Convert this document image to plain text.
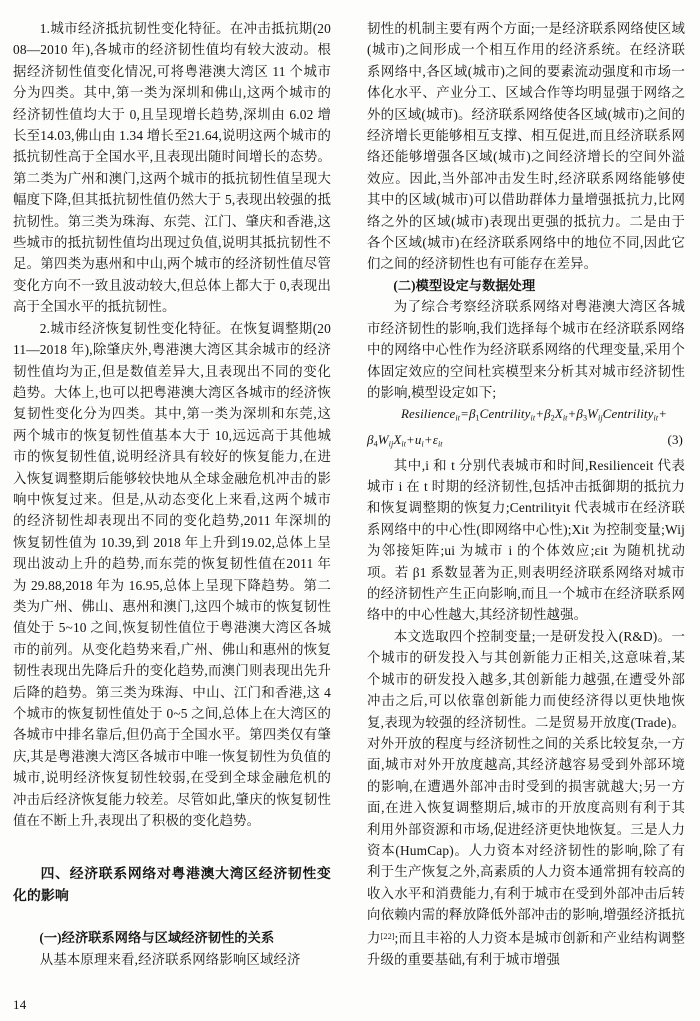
1.城市经济抵抗韧性变化特征。在冲击抵抗期(2008—2010 年),各城市的经济韧性值均有较大波动。根据经济韧性值变化情况,可将粤港澳大湾区 11 个城市分为四类。其中,第一类为深圳和佛山,这两个城市的经济韧性值均大于 0,且呈现增长趋势,深圳由 6.02 增长至14.03,佛山由 1.34 增长至21.64,说明这两个城市的抵抗韧性高于全国水平,且表现出随时间增长的态势。第二类为广州和澳门,这两个城市的抵抗韧性值呈现大幅度下降,但其抵抗韧性值仍然大于 5,表现出较强的抵抗韧性。第三类为珠海、东莞、江门、肇庆和香港,这些城市的抵抗韧性值均出现过负值,说明其抵抗韧性不足。第四类为惠州和中山,两个城市的经济韧性值尽管变化方向不一致且波动较大,但总体上都大于 0,表现出高于全国水平的抵抗韧性。

2.城市经济恢复韧性变化特征。在恢复调整期(2011—2018 年),除肇庆外,粤港澳大湾区其余城市的经济韧性值均为正,但是数值差异大,且表现出不同的变化趋势。大体上,也可以把粤港澳大湾区各城市的经济恢复韧性变化分为四类。其中,第一类为深圳和东莞,这两个城市的恢复韧性值基本大于 10,远远高于其他城市的恢复韧性值,说明经济具有较好的恢复能力,在进入恢复调整期后能够较快地从全球金融危机冲击的影响中恢复过来。但是,从动态变化上来看,这两个城市的经济韧性却表现出不同的变化趋势,2011 年深圳的恢复韧性值为 10.39,到 2018 年上升到19.02,总体上呈现出波动上升的趋势,而东莞的恢复韧性值在2011 年为 29.88,2018 年为 16.95,总体上呈现下降趋势。第二类为广州、佛山、惠州和澳门,这四个城市的恢复韧性值处于 5~10 之间,恢复韧性值位于粤港澳大湾区各城市的前列。从变化趋势来看,广州、佛山和惠州的恢复韧性表现出先降后升的变化趋势,而澳门则表现出先升后降的趋势。第三类为珠海、中山、江门和香港,这 4 个城市的恢复韧性值处于 0~5 之间,总体上在大湾区的各城市中排名靠后,但仍高于全国水平。第四类仅有肇庆,其是粤港澳大湾区各城市中唯一恢复韧性为负值的城市,说明经济恢复韧性较弱,在受到全球金融危机的冲击后经济恢复能力较差。尽管如此,肇庆的恢复韧性值在不断上升,表现出了积极的变化趋势。

四、经济联系网络对粤港澳大湾区经济韧性变化的影响
(一)经济联系网络与区域经济韧性的关系

从基本原理来看,经济联系网络影响区域经济

韧性的机制主要有两个方面;一是经济联系网络使区域(城市)之间形成一个相互作用的经济系统。在经济联系网络中,各区域(城市)之间的要素流动强度和市场一体化水平、产业分工、区域合作等均明显强于网络之外的区域(城市)。经济联系网络使各区域(城市)之间的经济增长更能够相互支撑、相互促进,而且经济联系网络还能够增强各区域(城市)之间经济增长的空间外溢效应。因此,当外部冲击发生时,经济联系网络能够使其中的区域(城市)可以借助群体力量增强抵抗力,比网络之外的区域(城市)表现出更强的抵抗力。二是由于各个区域(城市)在经济联系网络中的地位不同,因此它们之间的经济韧性也有可能存在差异。

(二)模型设定与数据处理

为了综合考察经济联系网络对粤港澳大湾区各城市经济韧性的影响,我们选择每个城市在经济联系网络中的网络中心性作为经济联系网络的代理变量,采用个体固定效应的空间杜宾模型来分析其对城市经济韧性的影响,模型设定如下;

$Resilience_{it}=\beta_1Centrility_{it}+\beta_2X_{it}+\beta_3W_{ij}Centrility_{it}+$
$\beta_4W_{ij}X_{it}+u_i+\varepsilon_{it}$	(3)

其中,i 和 t 分别代表城市和时间,Resilienceit 代表城市 i 在 t 时期的经济韧性,包括冲击抵御期的抵抗力和恢复调整期的恢复力;Centrilityit 代表城市在经济联系网络中的中心性(即网络中心性);Xit 为控制变量;Wij 为邻接矩阵;ui 为城市 i 的个体效应;εit 为随机扰动项。若 β1 系数显著为正,则表明经济联系网络对城市的经济韧性产生正向影响,而且一个城市在经济联系网络中的中心性越大,其经济韧性越强。

本文选取四个控制变量;一是研发投入(R&D)。一个城市的研发投入与其创新能力正相关,这意味着,某个城市的研发投入越多,其创新能力越强,在遭受外部冲击之后,可以依靠创新能力而使经济得以更快地恢复,表现为较强的经济韧性。二是贸易开放度(Trade)。对外开放的程度与经济韧性之间的关系比较复杂,一方面,城市对外开放度越高,其经济越容易受到外部环境的影响,在遭遇外部冲击时受到的损害就越大;另一方面,在进入恢复调整期后,城市的开放度高则有利于其利用外部资源和市场,促进经济更快地恢复。三是人力资本(HumCap)。人力资本对经济韧性的影响,除了有利于生产恢复之外,高素质的人力资本通常拥有较高的收入水平和消费能力,有利于城市在受到外部冲击后转向依赖内需的释放降低外部冲击的影响,增强经济抵抗力[22];而且丰裕的人力资本是城市创新和产业结构调整升级的重要基础,有利于城市增强

14
